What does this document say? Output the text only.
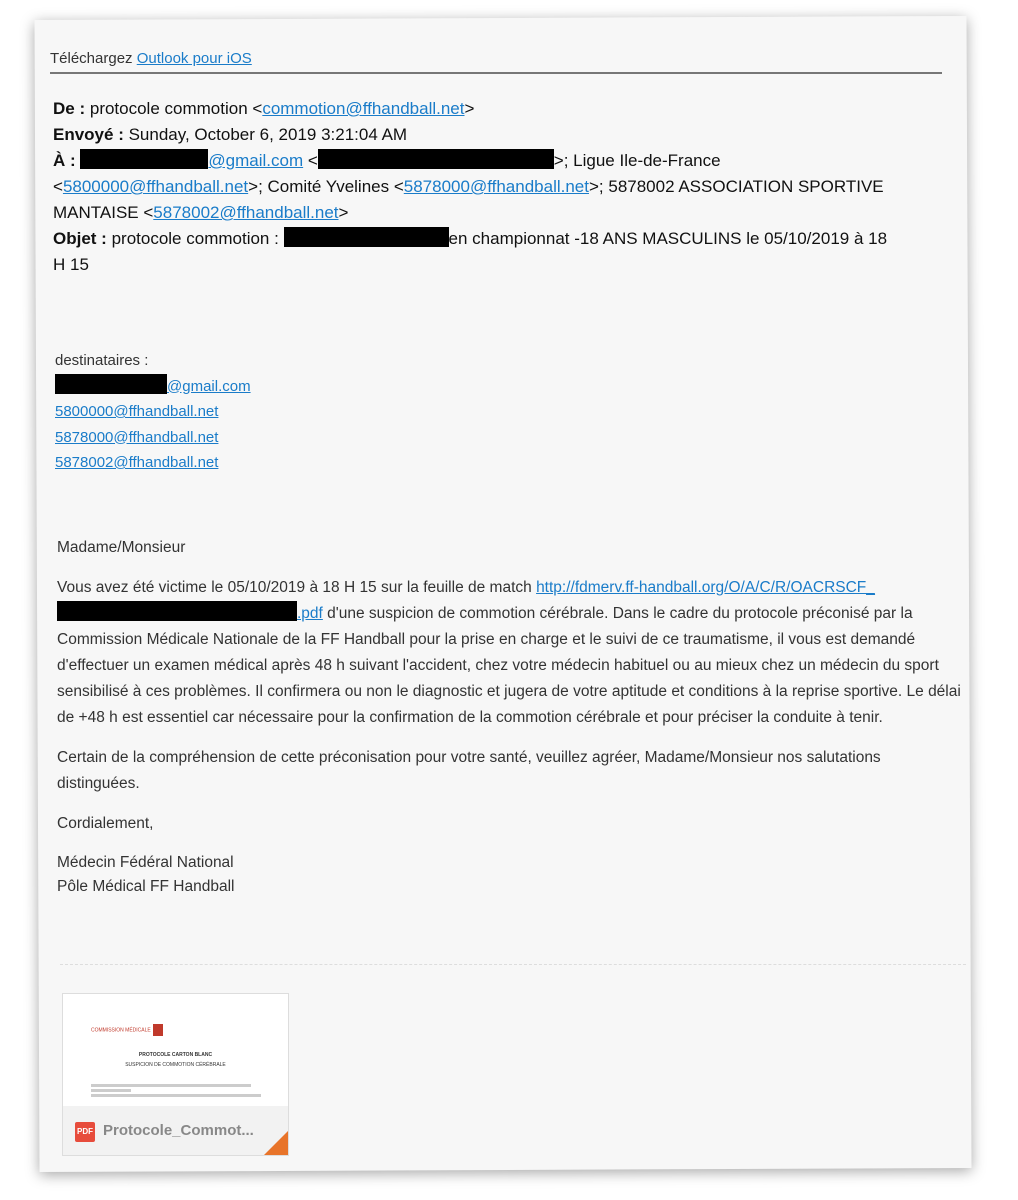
Téléchargez Outlook pour iOS
De : protocole commotion <commotion@ffhandball.net>
Envoyé : Sunday, October 6, 2019 3:21:04 AM
À :	@gmail.com <	>; Ligue Ile-de-France
<5800000@ffhandball.net>; Comité Yvelines <5878000@ffhandball.net>; 5878002 ASSOCIATION SPORTIVE
MANTAISE <5878002@ffhandball.net>
Objet : protocole commotion :	en championnat -18 ANS MASCULINS le 05/10/2019 à 18
H 15
destinataires :
@gmail.com
5800000@ffhandball.net
5878000@ffhandball.net
5878002@ffhandball.net

Madame/Monsieur

Vous avez été victime le 05/10/2019 à 18 H 15 sur la feuille de match http://fdmerv.ff-handball.org/O/A/C/R/OACRSCF_
.pdf d'une suspicion de commotion cérébrale. Dans le cadre du protocole préconisé par la Commission Médicale Nationale de la FF Handball pour la prise en charge et le suivi de ce traumatisme, il vous est demandé d'effectuer un examen médical après 48 h suivant l'accident, chez votre médecin habituel ou au mieux chez un médecin du sport sensibilisé à ces problèmes. Il confirmera ou non le diagnostic et jugera de votre aptitude et conditions à la reprise sportive. Le délai de +48 h est essentiel car nécessaire pour la confirmation de la commotion cérébrale et pour préciser la conduite à tenir.

Certain de la compréhension de cette préconisation pour votre santé, veuillez agréer, Madame/Monsieur nos salutations distinguées.

Cordialement,

Médecin Fédéral National
Pôle Médical FF Handball

COMMISSION MÉDICALE
PROTOCOLE CARTON BLANC
SUSPICION DE COMMOTION CÉRÉBRALE
PDF Protocole_Commot...
